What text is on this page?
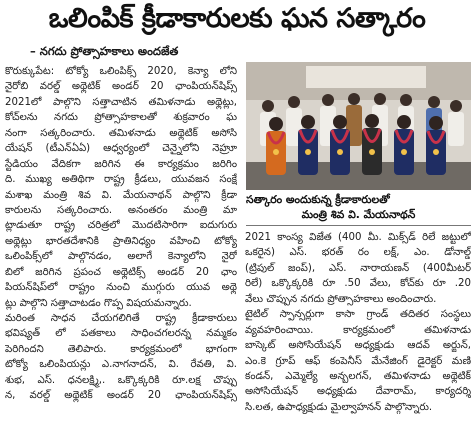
ఒలింపిక్ క్రీడాకారులకు ఘన సత్కారం
– నగదు ప్రోత్సాహకాలు అందజేత
కొరుక్కుపేట: టోక్యో ఒలింపిక్స్ 2020, కెన్యా లోని
నైరోబి వరల్డ్ అథ్లెటిక్ అండర్ 20 ఛాంపియన్‌షిప్స్
2021లో పాల్గొని సత్తాచాటిన తమిళనాడు అథ్లెట్లు,
కోచ్‌లను నగదు ప్రోత్సాహకాలతో శుక్రవారం ఘ
నంగా సత్కరించారు. తమిళనాడు అథ్లెటిక్ అసోసి
యేషన్ (టీఎన్‌ఏఏ) ఆధ్వర్యంలో చెన్నైలోని నెహ్రూ
స్టేడియం వేదికగా జరిగిన ఈ కార్యక్రమం జరిగిం
ది. ముఖ్య అతిథిగా రాష్ట్ర క్రీడలు, యువజన సంక్షే
మశాఖ మంత్రి శివ వి. మేయనాథన్ పాల్గొని క్రీడా
కారులను సత్కరించారు. అనంతరం మంత్రి మా
ట్లాడుతూ రాష్ట్ర చరిత్రలో మొదటిసారిగా ఐదుగురు
అథ్లెట్లు భారతదేశానికి ప్రాతినిధ్యం వహించి టోక్యో
ఒలింపిక్స్‌లో పాల్గొనడం, అలాగే కెన్యాలోని నైరో
బిలో జరిగిన ప్రపంచ అథ్లెటిక్స్ అండర్ 20 ఛాం
పియన్‌షిప్‌లో రాష్ట్రం నుంచి ముగ్గురు యువ అథ్లె
ట్లు పాల్గొని సత్తాచాటడం గొప్ప విషయమన్నారు.
మరింత సాధన చేయగలిగితే రాష్ట్ర క్రీడాకారులు
భవిష్యత్ లో పతకాలు సాధించగలరన్న నమ్మకం
పెరిగిందని తెలిపారు. కార్యక్రమంలో భాగంగా
టోక్యో ఒలింపియన్లు ఎ.నాగనాదన్, వి. రేవతి, వి.
శుభ, ఎస్. ధనలక్ష్మి,. ఒక్కొక్కరికి రూ.లక్ష చొప్పు
న, వరల్డ్ అథ్లెటిక్ అండర్ 20 ఛాంపియన్‌షిప్స్
సత్కారం అందుకున్న క్రీడాకారులతో
మంత్రి శివ వి. మేయనాథన్
2021 కాంస్య విజేత (400 మీ. మిక్స్‌డ్ రిలే జట్టులో
ఒకరైన) ఎస్. భరత్ ‌రం ల‌క్ష్‌, ఎం. డోనాల్డ్
(ట్రిపుల్ జంప్), ఎస్. నారాయణన్ (400మీటర్
రిలే) ఒక్కొక్కరికి రూ .50 వేలు, కోచ్‌కు రూ .20
వేలు చొప్పున నగదు ప్రోత్సాహకాలు అందించారు.
టైటిల్ స్పాన్సర్లుగా కాసా గ్రాండ్ తదితర సంస్థలు
వ్యవహరించాయి. కార్యక్రమంలో తమిళనాడు
బాస్కెట్ అసోసియేషన్ అధ్యక్షుడు ఆదవ్ అర్జున్,
ఎం.కె గ్రూప్ ఆఫ్ కంపెనీస్ మేనేజింగ్ డైరెక్టర్ మణి
కండన్, ఎమ్మెల్యే అన్బలగన్, తమిళనాడు అథ్లెటిక్
అసోసియేషన్ అధ్యక్షుడు దేవారామ్, కార్యదర్శి
సి.లత, ఉపాధ్యక్షుడు మైల్వాహనన్ పాల్గొన్నారు.
